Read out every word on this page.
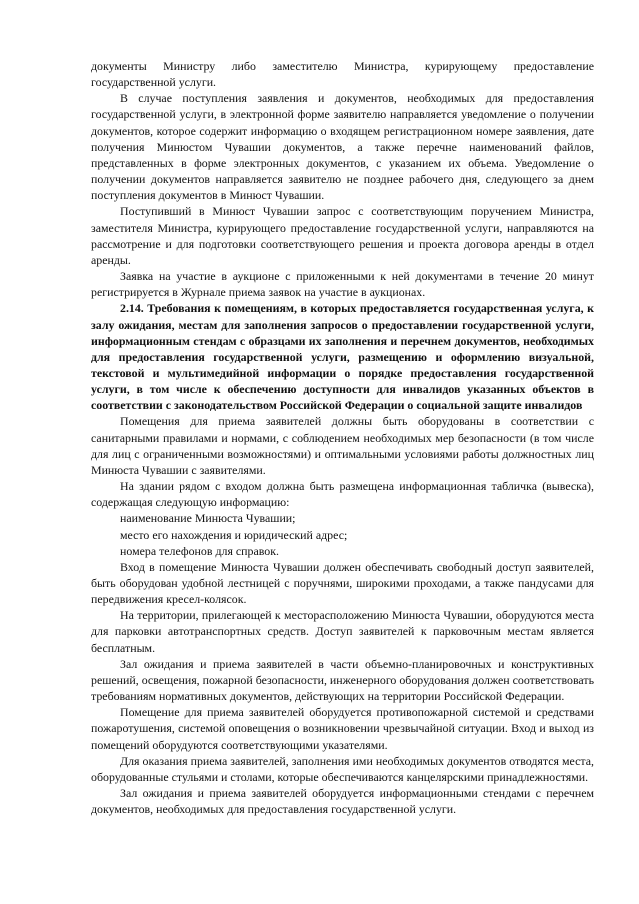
документы Министру либо заместителю Министра, курирующему предоставление государственной услуги.

В случае поступления заявления и документов, необходимых для предоставления государственной услуги, в электронной форме заявителю направляется уведомление о получении документов, которое содержит информацию о входящем регистрационном номере заявления, дате получения Минюстом Чувашии документов, а также перечне наименований файлов, представленных в форме электронных документов, с указанием их объема. Уведомление о получении документов направляется заявителю не позднее рабочего дня, следующего за днем поступления документов в Минюст Чувашии.

Поступивший в Минюст Чувашии запрос с соответствующим поручением Министра, заместителя Министра, курирующего предоставление государственной услуги, направляются на рассмотрение и для подготовки соответствующего решения и проекта договора аренды в отдел аренды.

Заявка на участие в аукционе с приложенными к ней документами в течение 20 минут регистрируется в Журнале приема заявок на участие в аукционах.

2.14. Требования к помещениям, в которых предоставляется государственная услуга, к залу ожидания, местам для заполнения запросов о предоставлении государственной услуги, информационным стендам с образцами их заполнения и перечнем документов, необходимых для предоставления государственной услуги, размещению и оформлению визуальной, текстовой и мультимедийной информации о порядке предоставления государственной услуги, в том числе к обеспечению доступности для инвалидов указанных объектов в соответствии с законодательством Российской Федерации о социальной защите инвалидов

Помещения для приема заявителей должны быть оборудованы в соответствии с санитарными правилами и нормами, с соблюдением необходимых мер безопасности (в том числе для лиц с ограниченными возможностями) и оптимальными условиями работы должностных лиц Минюста Чувашии с заявителями.

На здании рядом с входом должна быть размещена информационная табличка (вывеска), содержащая следующую информацию:

наименование Минюста Чувашии;

место его нахождения и юридический адрес;

номера телефонов для справок.

Вход в помещение Минюста Чувашии должен обеспечивать свободный доступ заявителей, быть оборудован удобной лестницей с поручнями, широкими проходами, а также пандусами для передвижения кресел-колясок.

На территории, прилегающей к месторасположению Минюста Чувашии, оборудуются места для парковки автотранспортных средств. Доступ заявителей к парковочным местам является бесплатным.

Зал ожидания и приема заявителей в части объемно-планировочных и конструктивных решений, освещения, пожарной безопасности, инженерного оборудования должен соответствовать требованиям нормативных документов, действующих на территории Российской Федерации.

Помещение для приема заявителей оборудуется противопожарной системой и средствами пожаротушения, системой оповещения о возникновении чрезвычайной ситуации. Вход и выход из помещений оборудуются соответствующими указателями.

Для оказания приема заявителей, заполнения ими необходимых документов отводятся места, оборудованные стульями и столами, которые обеспечиваются канцелярскими принадлежностями.

Зал ожидания и приема заявителей оборудуется информационными стендами с перечнем документов, необходимых для предоставления государственной услуги.
